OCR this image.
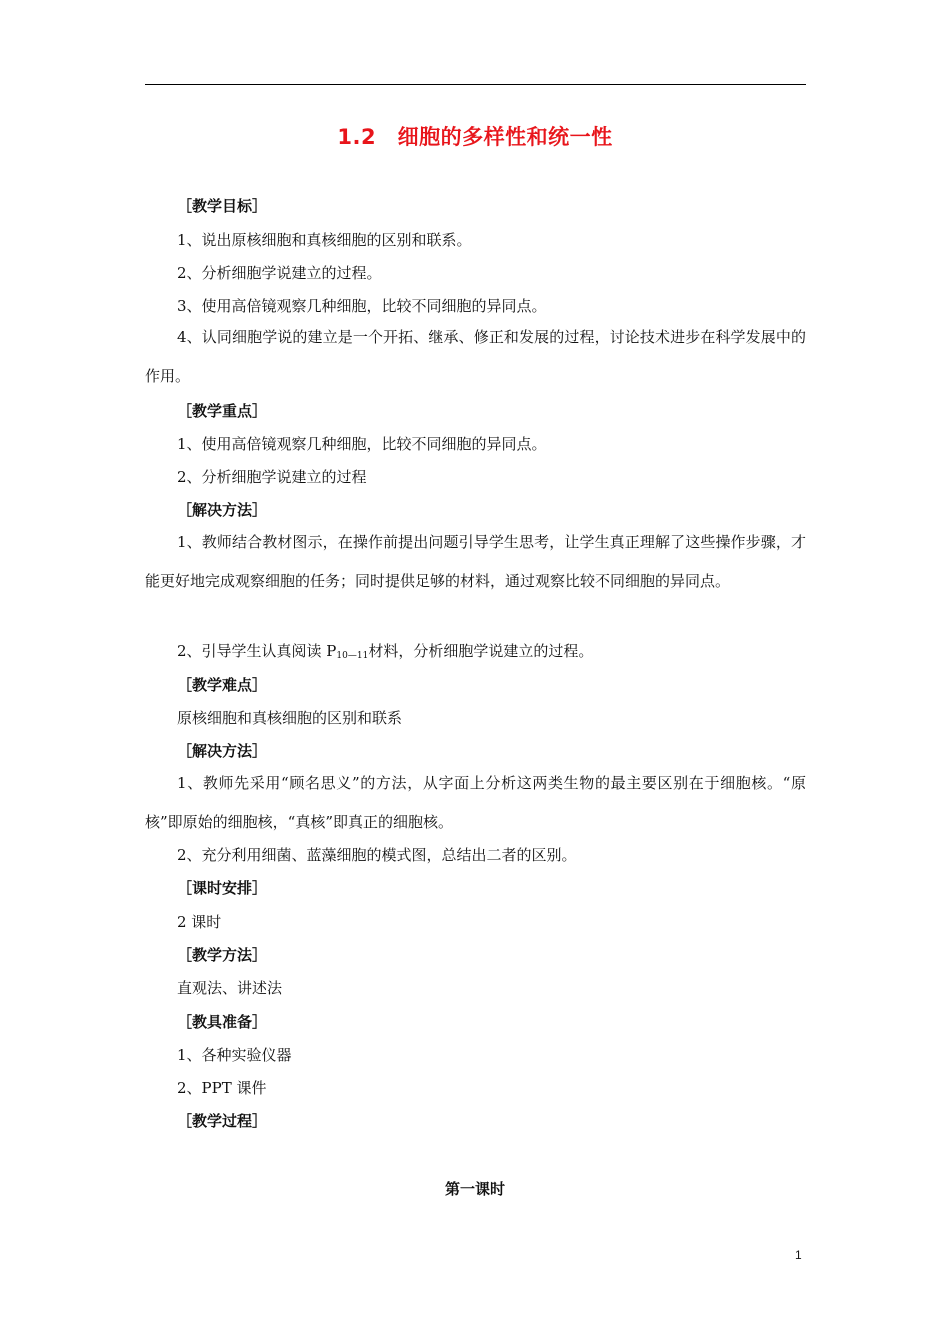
1.2　细胞的多样性和统一性
［教学目标］
1、说出原核细胞和真核细胞的区别和联系。
2、分析细胞学说建立的过程。
3、使用高倍镜观察几种细胞，比较不同细胞的异同点。
4、认同细胞学说的建立是一个开拓、继承、修正和发展的过程，讨论技术进步在科学发展中的作用。
［教学重点］
1、使用高倍镜观察几种细胞，比较不同细胞的异同点。
2、分析细胞学说建立的过程
［解决方法］
1、教师结合教材图示，在操作前提出问题引导学生思考，让学生真正理解了这些操作步骤，才能更好地完成观察细胞的任务；同时提供足够的材料，通过观察比较不同细胞的异同点。
2、引导学生认真阅读 $P_{10—11}$材料，分析细胞学说建立的过程。
［教学难点］
原核细胞和真核细胞的区别和联系
［解决方法］
1、教师先采用“顾名思义”的方法，从字面上分析这两类生物的最主要区别在于细胞核。“原核”即原始的细胞核，“真核”即真正的细胞核。
2、充分利用细菌、蓝藻细胞的模式图，总结出二者的区别。
［课时安排］
2 课时
［教学方法］
直观法、讲述法
［教具准备］
1、各种实验仪器
2、PPT 课件
［教学过程］
第一课时
1
